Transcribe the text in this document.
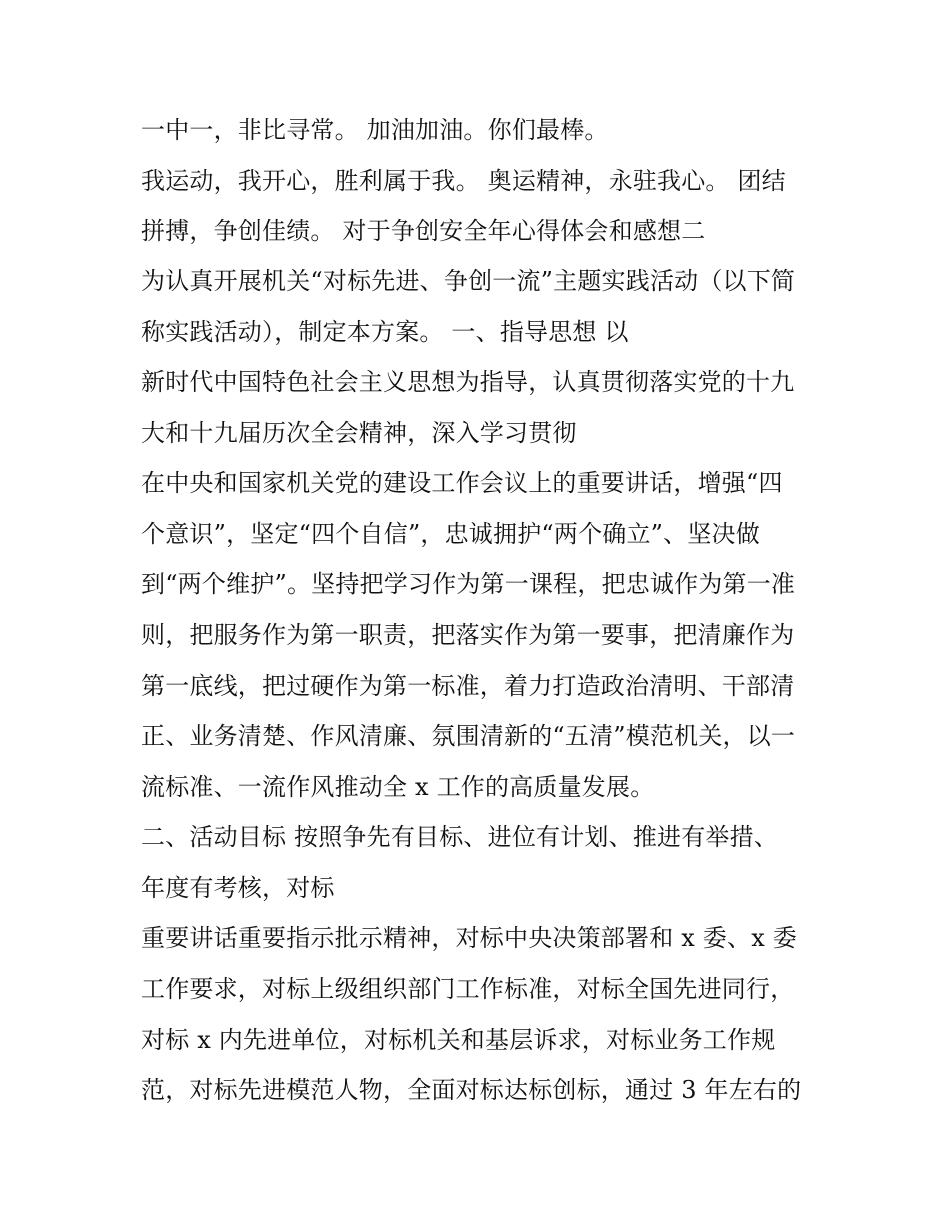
一中一，非比寻常。 加油加油。你们最棒。
我运动，我开心，胜利属于我。 奥运精神，永驻我心。 团结
拼搏，争创佳绩。 对于争创安全年心得体会和感想二
为认真开展机关“对标先进、争创一流”主题实践活动（以下简
称实践活动），制定本方案。 一、指导思想 以
新时代中国特色社会主义思想为指导，认真贯彻落实党的十九
大和十九届历次全会精神，深入学习贯彻
在中央和国家机关党的建设工作会议上的重要讲话，增强“四
个意识”，坚定“四个自信”，忠诚拥护“两个确立”、坚决做
到“两个维护”。坚持把学习作为第一课程，把忠诚作为第一准
则，把服务作为第一职责，把落实作为第一要事，把清廉作为
第一底线，把过硬作为第一标准，着力打造政治清明、干部清
正、业务清楚、作风清廉、氛围清新的“五清”模范机关，以一
流标准、一流作风推动全 x 工作的高质量发展。
二、活动目标 按照争先有目标、进位有计划、推进有举措、
年度有考核，对标
重要讲话重要指示批示精神，对标中央决策部署和 x 委、x 委
工作要求，对标上级组织部门工作标准，对标全国先进同行，
对标 x 内先进单位，对标机关和基层诉求，对标业务工作规
范，对标先进模范人物，全面对标达标创标，通过 3 年左右的
